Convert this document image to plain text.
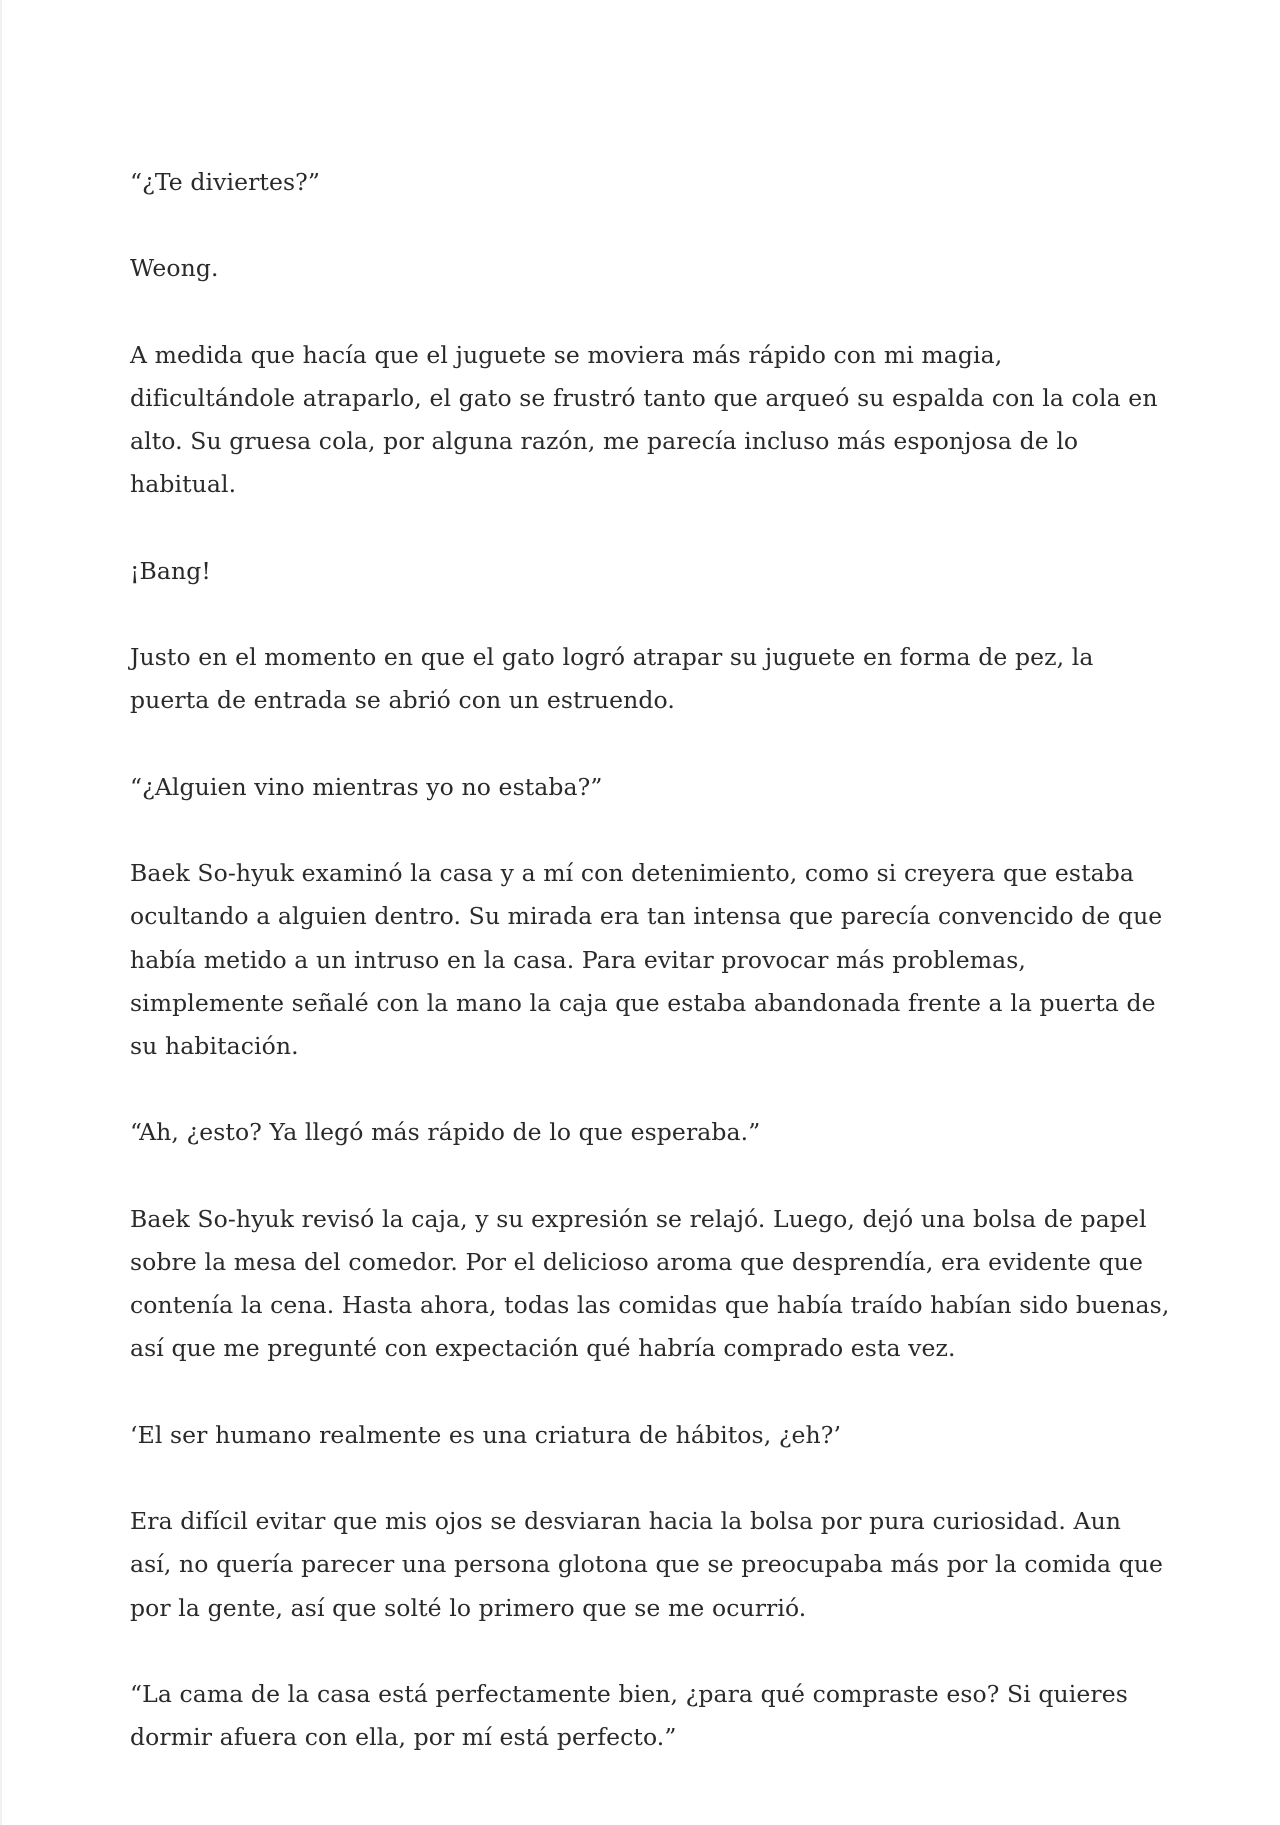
“¿Te diviertes?”

Weong.

A medida que hacía que el juguete se moviera más rápido con mi magia, dificultándole atraparlo, el gato se frustró tanto que arqueó su espalda con la cola en alto. Su gruesa cola, por alguna razón, me parecía incluso más esponjosa de lo habitual.

¡Bang!

Justo en el momento en que el gato logró atrapar su juguete en forma de pez, la puerta de entrada se abrió con un estruendo.

“¿Alguien vino mientras yo no estaba?”

Baek So-hyuk examinó la casa y a mí con detenimiento, como si creyera que estaba ocultando a alguien dentro. Su mirada era tan intensa que parecía convencido de que había metido a un intruso en la casa. Para evitar provocar más problemas, simplemente señalé con la mano la caja que estaba abandonada frente a la puerta de su habitación.

“Ah, ¿esto? Ya llegó más rápido de lo que esperaba.”

Baek So-hyuk revisó la caja, y su expresión se relajó. Luego, dejó una bolsa de papel sobre la mesa del comedor. Por el delicioso aroma que desprendía, era evidente que contenía la cena. Hasta ahora, todas las comidas que había traído habían sido buenas, así que me pregunté con expectación qué habría comprado esta vez.

‘El ser humano realmente es una criatura de hábitos, ¿eh?’

Era difícil evitar que mis ojos se desviaran hacia la bolsa por pura curiosidad. Aun así, no quería parecer una persona glotona que se preocupaba más por la comida que por la gente, así que solté lo primero que se me ocurrió.

“La cama de la casa está perfectamente bien, ¿para qué compraste eso? Si quieres dormir afuera con ella, por mí está perfecto.”
